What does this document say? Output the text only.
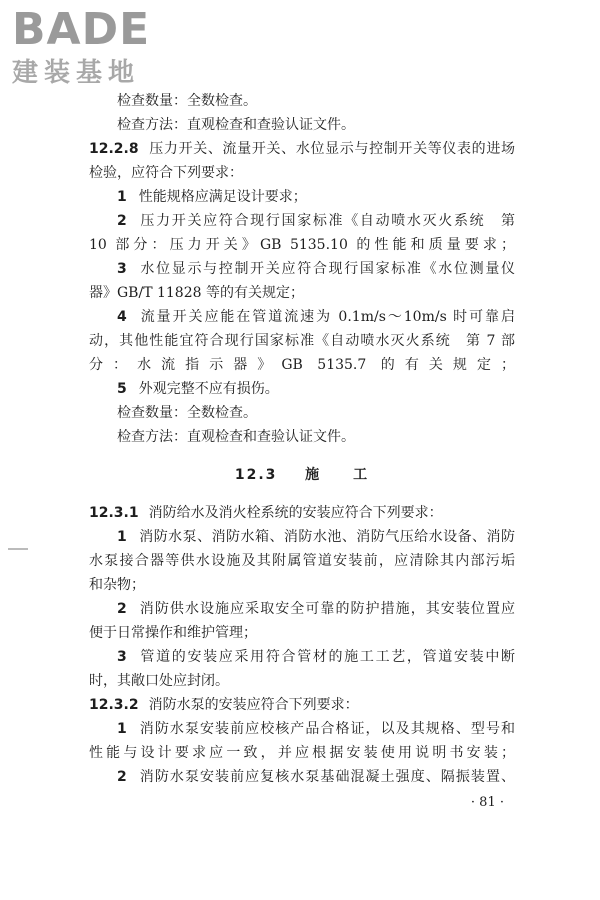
BADE
建装基地
检查数量：全数检查。
检查方法：直观检查和查验认证文件。
12.2.8 压力开关、流量开关、水位显示与控制开关等仪表的进场
检验，应符合下列要求：
1 性能规格应满足设计要求；
2 压力开关应符合现行国家标准《自动喷水灭火系统　第
10 部分：压力开关》GB 5135.10 的性能和质量要求；
3 水位显示与控制开关应符合现行国家标准《水位测量仪
器》GB/T 11828 等的有关规定；
4 流量开关应能在管道流速为 0.1m/s～10m/s 时可靠启
动，其他性能宜符合现行国家标准《自动喷水灭火系统　第 7 部
分：水流指示器》GB 5135.7 的有关规定；
5 外观完整不应有损伤。
检查数量：全数检查。
检查方法：直观检查和查验认证文件。
12.3 施　　工
12.3.1 消防给水及消火栓系统的安装应符合下列要求：
1 消防水泵、消防水箱、消防水池、消防气压给水设备、消防
水泵接合器等供水设施及其附属管道安装前，应清除其内部污垢
和杂物；
2 消防供水设施应采取安全可靠的防护措施，其安装位置应
便于日常操作和维护管理；
3 管道的安装应采用符合管材的施工工艺，管道安装中断
时，其敞口处应封闭。
12.3.2 消防水泵的安装应符合下列要求：
1 消防水泵安装前应校核产品合格证，以及其规格、型号和
性能与设计要求应一致，并应根据安装使用说明书安装；
2 消防水泵安装前应复核水泵基础混凝土强度、隔振装置、
· 81 ·
